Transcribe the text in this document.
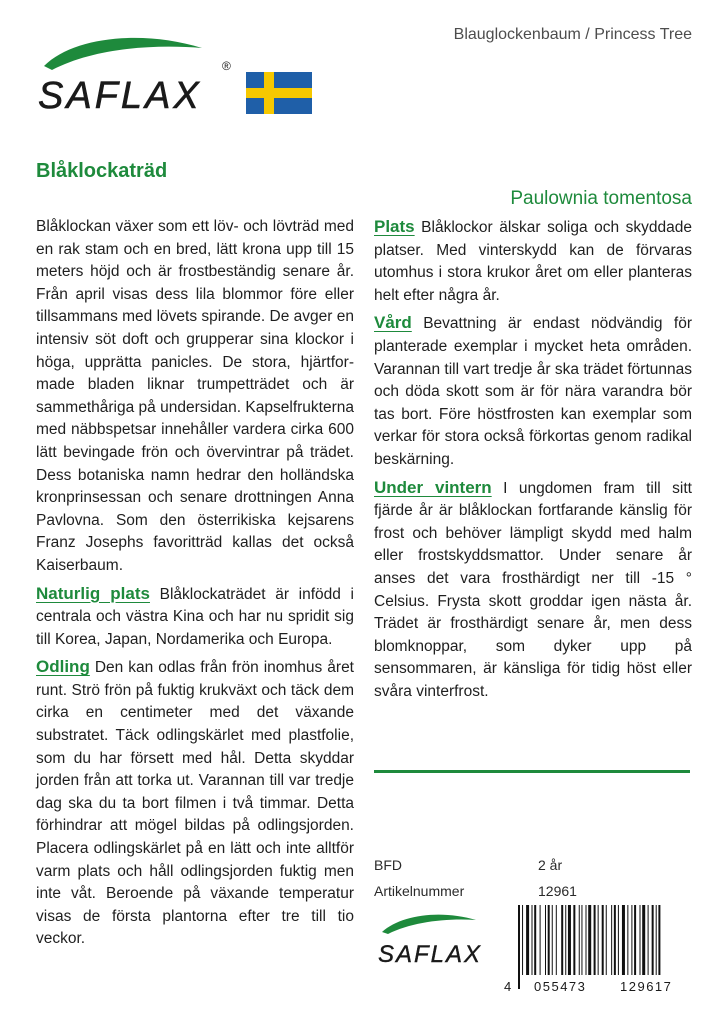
Blauglockenbaum / Princess Tree
SAFLAX
®
Blåklockaträd
Paulownia tomentosa

Blåklockan växer som ett löv- och lövträd med en rak stam och en bred, lätt krona upp till 15 meters höjd och är frostbeständig senare år. Från april visas dess lila blommor före eller tillsammans med lövets spirande. De avger en intensiv söt doft och grupperar sina klockor i höga, upprätta panicles. De stora, hjärtformade bladen liknar trumpetträdet och är sammethåriga på undersidan. Kapselfrukterna med näbbspetsar innehåller vardera cirka 600 lätt bevingade frön och övervintrar på trädet. Dess botaniska namn hedrar den holländska kronprinsessan och senare drottningen Anna Pavlovna. Som den österrikiska kejsarens Franz Josephs favoritträd kallas det också Kaiserbaum.

Naturlig plats Blåklockaträdet är infödd i centrala och västra Kina och har nu spridit sig till Korea, Japan, Nordamerika och Europa.

Odling Den kan odlas från frön inomhus året runt. Strö frön på fuktig krukväxt och täck dem cirka en centimeter med det växande substratet. Täck odlingskärlet med plastfolie, som du har försett med hål. Detta skyddar jorden från att torka ut. Varannan till var tredje dag ska du ta bort filmen i två timmar. Detta förhindrar att mögel bildas på odlingsjorden. Placera odlingskärlet på en lätt och inte alltför varm plats och håll odlingsjorden fuktig men inte våt. Beroende på växande temperatur visas de första plantorna efter tre till tio veckor.

Plats Blåklockor älskar soliga och skyddade platser. Med vinterskydd kan de förvaras utomhus i stora krukor året om eller planteras helt efter några år.

Vård Bevattning är endast nödvändig för planterade exemplar i mycket heta områden. Varannan till vart tredje år ska trädet förtunnas och döda skott som är för nära varandra bör tas bort. Före höstfrosten kan exemplar som verkar för stora också förkortas genom radikal beskärning.

Under vintern I ungdomen fram till sitt fjärde år är blåklockan fortfarande känslig för frost och behöver lämpligt skydd med halm eller frostskyddsmattor. Under senare år anses det vara frosthärdigt ner till -15 ° Celsius. Frysta skott groddar igen nästa år. Trädet är frosthärdigt senare år, men dess blomknoppar, som dyker upp på sensommaren, är känsliga för tidig höst eller svåra vinterfrost.

BFD	2 år
Artikelnummer	12961
SAFLAX
4 055473	129617
